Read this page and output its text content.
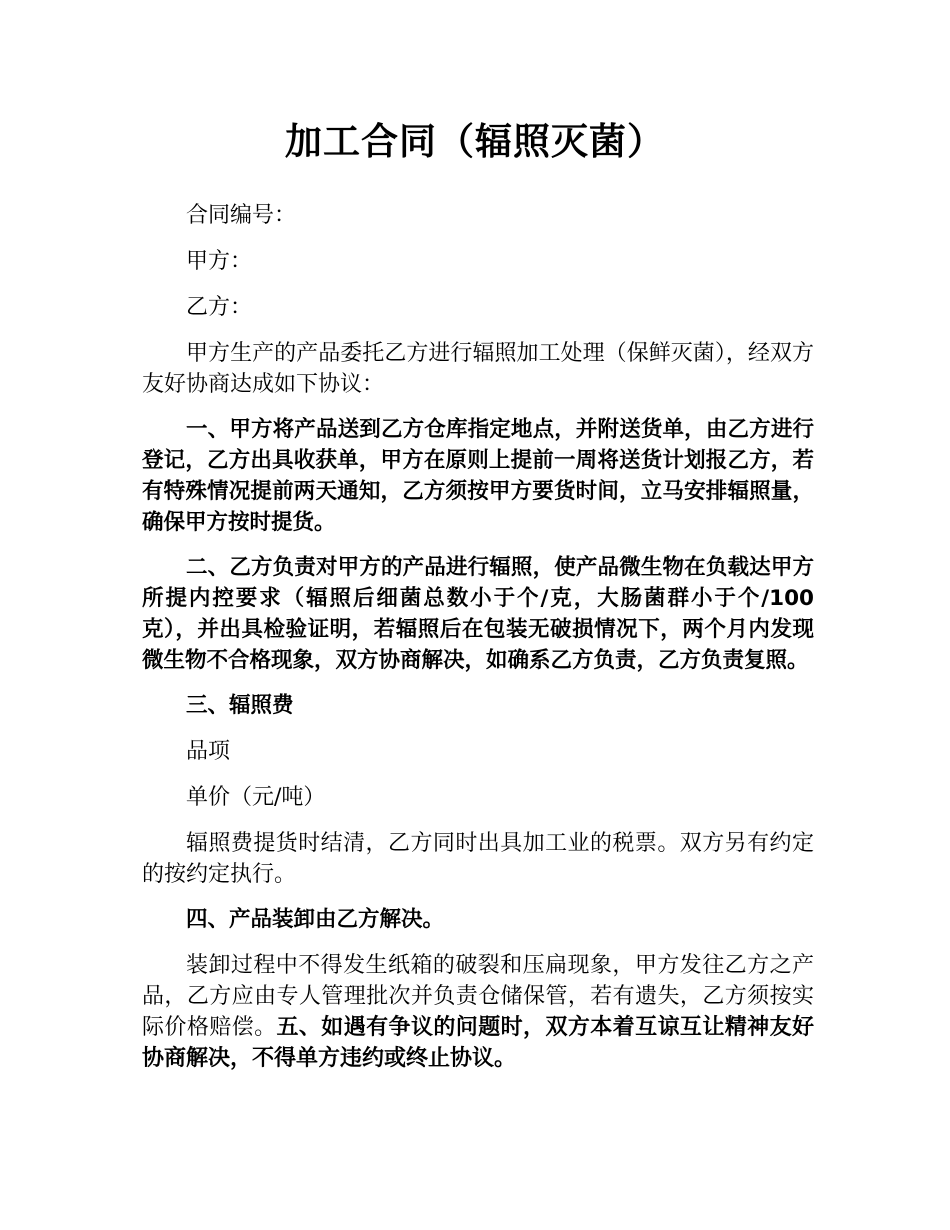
加工合同（辐照灭菌）
合同编号：
甲方：
乙方：

甲方生产的产品委托乙方进行辐照加工处理（保鲜灭菌），经双方友好协商达成如下协议：

一、甲方将产品送到乙方仓库指定地点，并附送货单，由乙方进行登记，乙方出具收获单，甲方在原则上提前一周将送货计划报乙方，若有特殊情况提前两天通知，乙方须按甲方要货时间，立马安排辐照量，确保甲方按时提货。

二、乙方负责对甲方的产品进行辐照，使产品微生物在负载达甲方所提内控要求（辐照后细菌总数小于个/克，大肠菌群小于个/100克），并出具检验证明，若辐照后在包装无破损情况下，两个月内发现微生物不合格现象，双方协商解决，如确系乙方负责，乙方负责复照。

三、辐照费
品项
单价（元/吨）

辐照费提货时结清，乙方同时出具加工业的税票。双方另有约定的按约定执行。

四、产品装卸由乙方解决。

装卸过程中不得发生纸箱的破裂和压扁现象，甲方发往乙方之产品，乙方应由专人管理批次并负责仓储保管，若有遗失，乙方须按实际价格赔偿。五、如遇有争议的问题时，双方本着互谅互让精神友好协商解决，不得单方违约或终止协议。
